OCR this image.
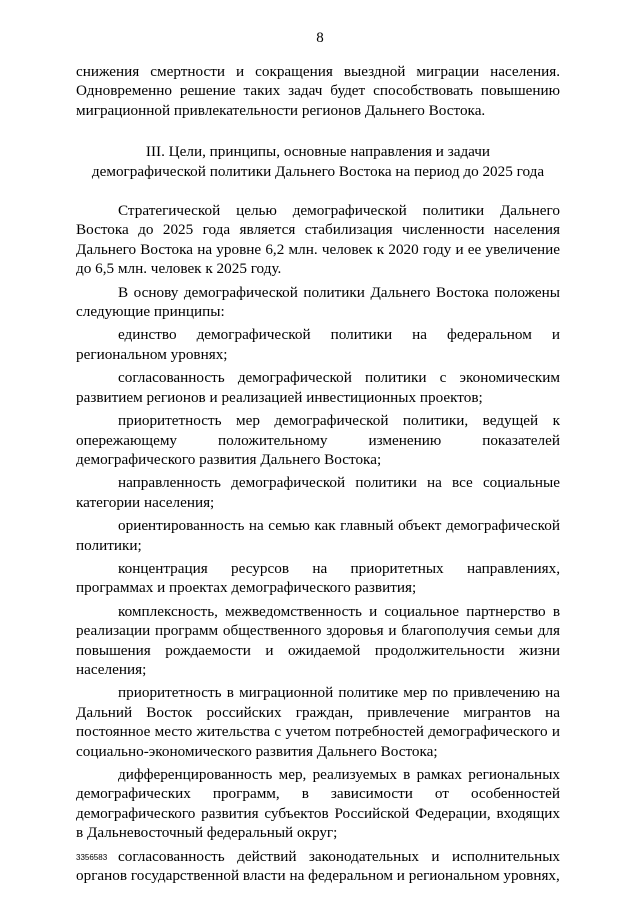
8

снижения смертности и сокращения выездной миграции населения. Одновременно решение таких задач будет способствовать повышению миграционной привлекательности регионов Дальнего Востока.

III. Цели, принципы, основные направления и задачи
демографической политики Дальнего Востока на период до 2025 года

Стратегической целью демографической политики Дальнего Востока до 2025 года является стабилизация численности населения Дальнего Востока на уровне 6,2 млн. человек к 2020 году и ее увеличение до 6,5 млн. человек к 2025 году.

В основу демографической политики Дальнего Востока положены следующие принципы:

единство демографической политики на федеральном и региональном уровнях;

согласованность демографической политики с экономическим развитием регионов и реализацией инвестиционных проектов;

приоритетность мер демографической политики, ведущей к опережающему положительному изменению показателей демографического развития Дальнего Востока;

направленность демографической политики на все социальные категории населения;

ориентированность на семью как главный объект демографической политики;

концентрация ресурсов на приоритетных направлениях, программах и проектах демографического развития;

комплексность, межведомственность и социальное партнерство в реализации программ общественного здоровья и благополучия семьи для повышения рождаемости и ожидаемой продолжительности жизни населения;

приоритетность в миграционной политике мер по привлечению на Дальний Восток российских граждан, привлечение мигрантов на постоянное место жительства с учетом потребностей демографического и социально-экономического развития Дальнего Востока;

дифференцированность мер, реализуемых в рамках региональных демографических программ, в зависимости от особенностей демографического развития субъектов Российской Федерации, входящих в Дальневосточный федеральный округ;

согласованность действий законодательных и исполнительных органов государственной власти на федеральном и региональном уровнях,

3356583
